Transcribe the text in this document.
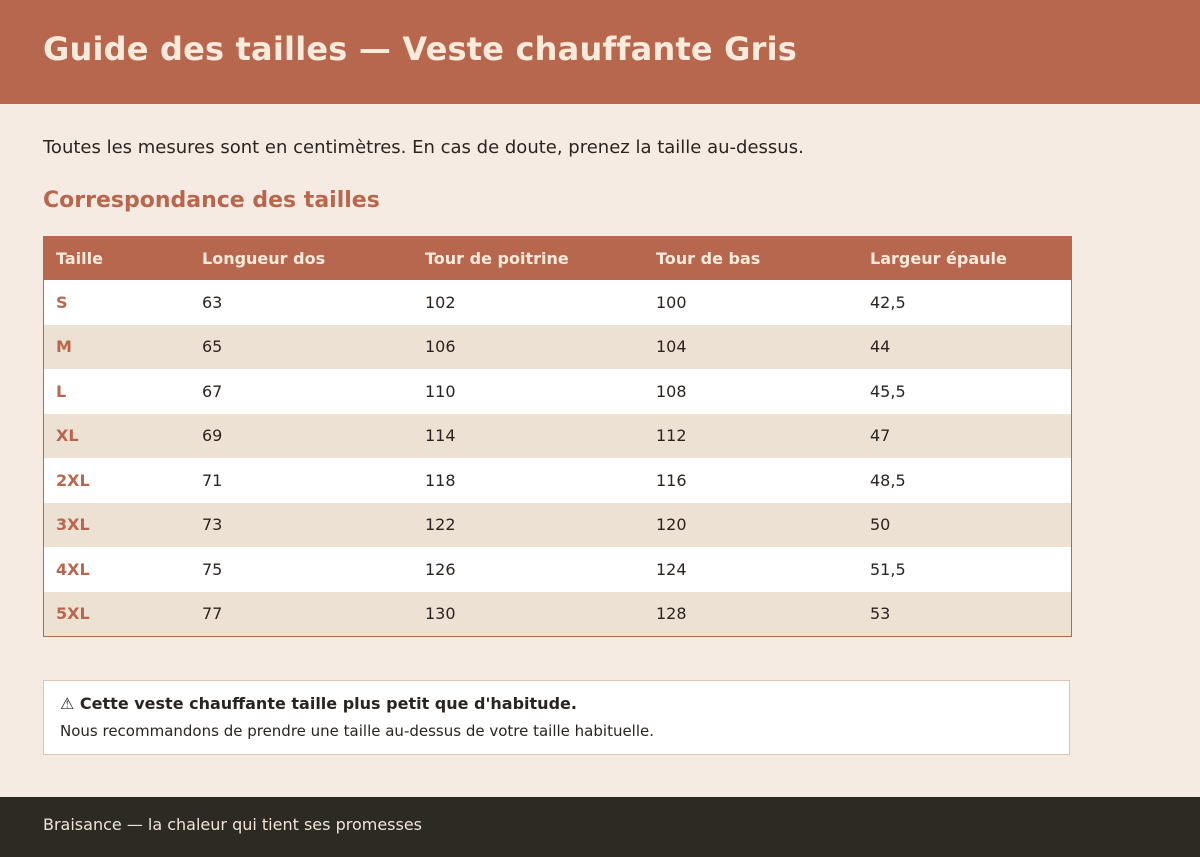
Guide des tailles — Veste chauffante Gris

Toutes les mesures sont en centimètres. En cas de doute, prenez la taille au-dessus.

Correspondance des tailles
Taille	Longueur dos	Tour de poitrine	Tour de bas	Largeur épaule
S	63	102	100	42,5
M	65	106	104	44
L	67	110	108	45,5
XL	69	114	112	47
2XL	71	118	116	48,5
3XL	73	122	120	50
4XL	75	126	124	51,5
5XL	77	130	128	53

⚠ Cette veste chauffante taille plus petit que d'habitude.

Nous recommandons de prendre une taille au-dessus de votre taille habituelle.

Braisance — la chaleur qui tient ses promesses
